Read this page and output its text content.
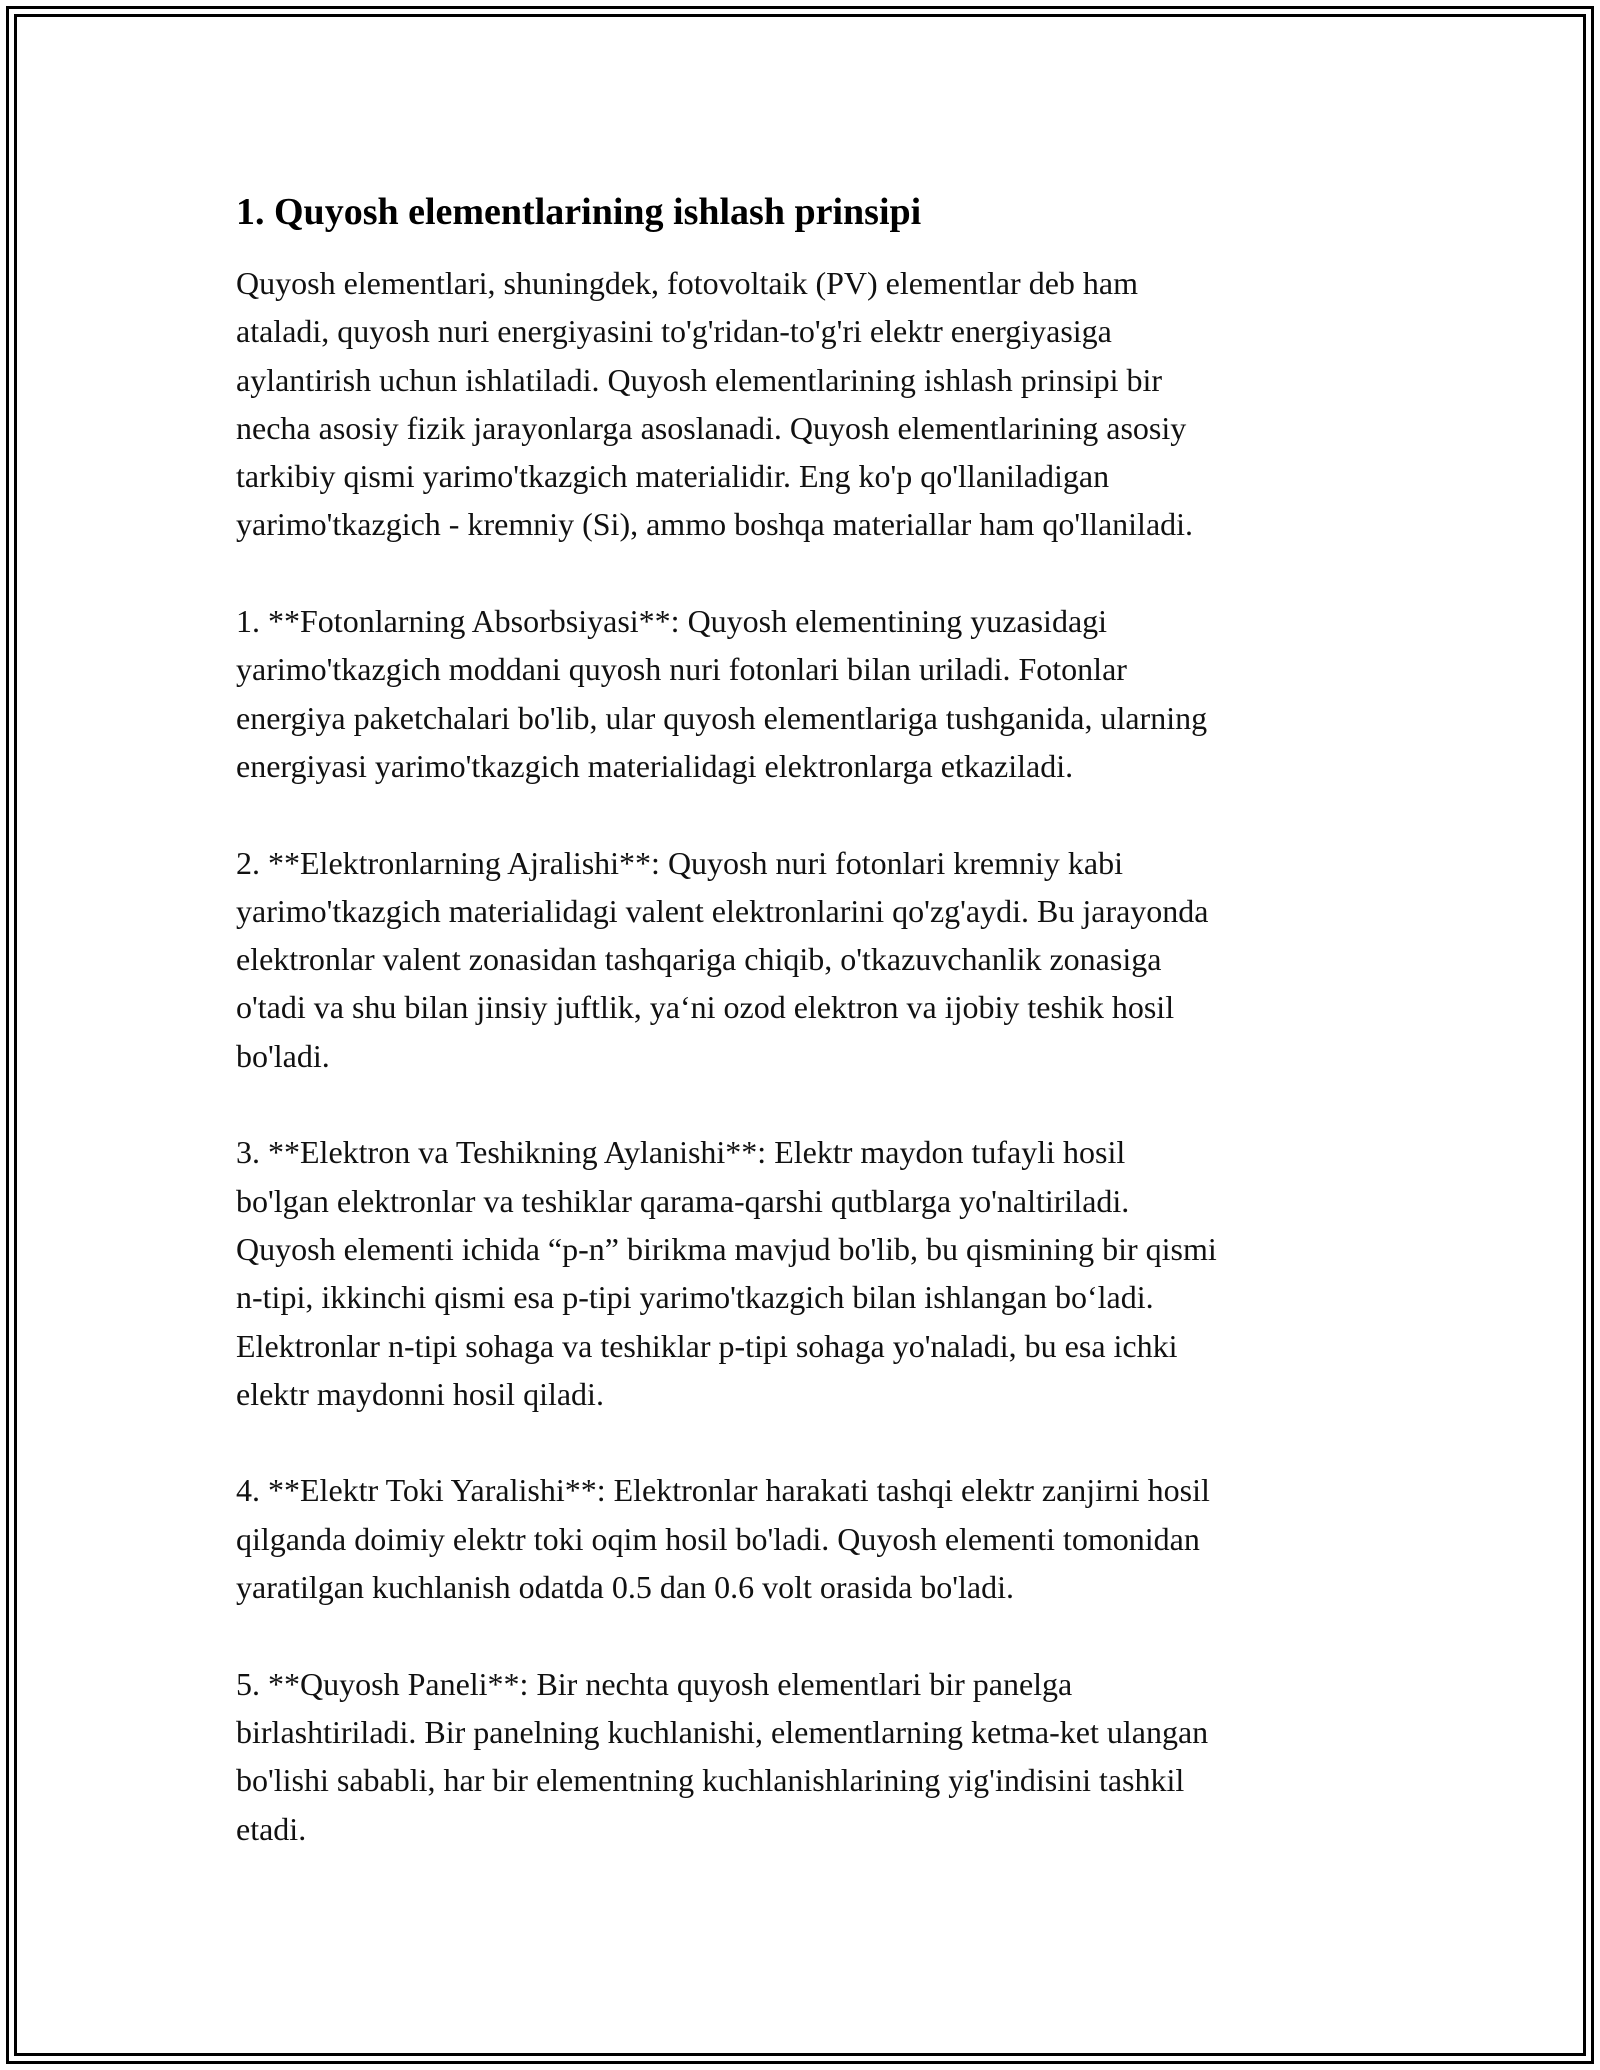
1. Quyosh elementlarining ishlash prinsipi
Quyosh elementlari, shuningdek, fotovoltaik (PV) elementlar deb ham
ataladi, quyosh nuri energiyasini to'g'ridan-to'g'ri elektr energiyasiga
aylantirish uchun ishlatiladi. Quyosh elementlarining ishlash prinsipi bir
necha asosiy fizik jarayonlarga asoslanadi. Quyosh elementlarining asosiy
tarkibiy qismi yarimo'tkazgich materialidir. Eng ko'p qo'llaniladigan
yarimo'tkazgich - kremniy (Si), ammo boshqa materiallar ham qo'llaniladi.
1. **Fotonlarning Absorbsiyasi**: Quyosh elementining yuzasidagi
yarimo'tkazgich moddani quyosh nuri fotonlari bilan uriladi. Fotonlar
energiya paketchalari bo'lib, ular quyosh elementlariga tushganida, ularning
energiyasi yarimo'tkazgich materialidagi elektronlarga etkaziladi.
2. **Elektronlarning Ajralishi**: Quyosh nuri fotonlari kremniy kabi
yarimo'tkazgich materialidagi valent elektronlarini qo'zg'aydi. Bu jarayonda
elektronlar valent zonasidan tashqariga chiqib, o'tkazuvchanlik zonasiga
o'tadi va shu bilan jinsiy juftlik, ya‘ni ozod elektron va ijobiy teshik hosil
bo'ladi.
3. **Elektron va Teshikning Aylanishi**: Elektr maydon tufayli hosil
bo'lgan elektronlar va teshiklar qarama-qarshi qutblarga yo'naltiriladi.
Quyosh elementi ichida “p-n” birikma mavjud bo'lib, bu qismining bir qismi
n-tipi, ikkinchi qismi esa p-tipi yarimo'tkazgich bilan ishlangan bo‘ladi.
Elektronlar n-tipi sohaga va teshiklar p-tipi sohaga yo'naladi, bu esa ichki
elektr maydonni hosil qiladi.
4. **Elektr Toki Yaralishi**: Elektronlar harakati tashqi elektr zanjirni hosil
qilganda doimiy elektr toki oqim hosil bo'ladi. Quyosh elementi tomonidan
yaratilgan kuchlanish odatda 0.5 dan 0.6 volt orasida bo'ladi.
5. **Quyosh Paneli**: Bir nechta quyosh elementlari bir panelga
birlashtiriladi. Bir panelning kuchlanishi, elementlarning ketma-ket ulangan
bo'lishi sababli, har bir elementning kuchlanishlarining yig'indisini tashkil
etadi.
